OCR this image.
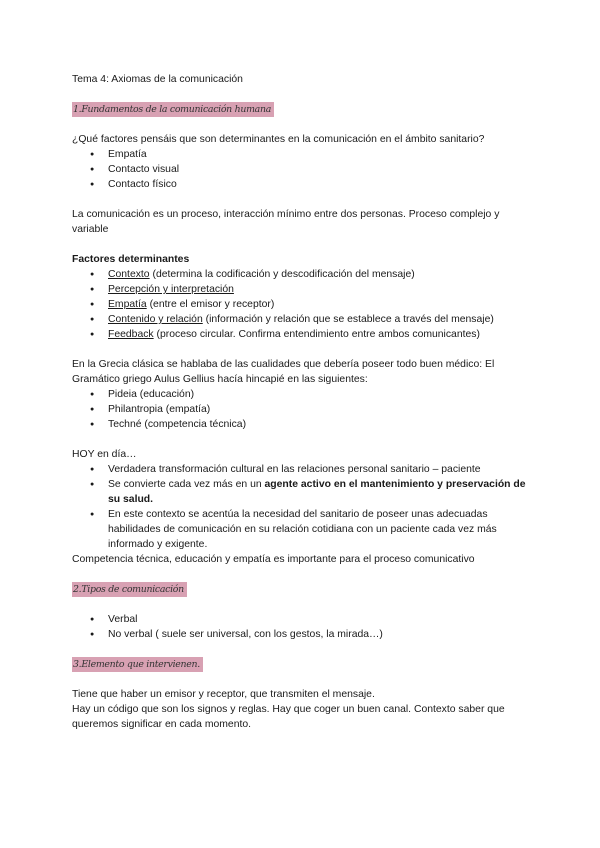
Tema 4: Axiomas de la comunicación

1.Fundamentos de la comunicación humana

¿Qué factores pensáis que son determinantes en la comunicación en el ámbito sanitario?

● Empatía
● Contacto visual
● Contacto físico

La comunicación es un proceso, interacción mínimo entre dos personas. Proceso complejo y variable

Factores determinantes

● Contexto (determina la codificación y descodificación del mensaje)
● Percepción y interpretación
● Empatía (entre el emisor y receptor)
● Contenido y relación (información y relación que se establece a través del mensaje)
● Feedback (proceso circular. Confirma entendimiento entre ambos comunicantes)

En la Grecia clásica se hablaba de las cualidades que debería poseer todo buen médico: El Gramático griego Aulus Gellius hacía hincapié en las siguientes:

● Pideia (educación)
● Philantropia (empatía)
● Techné (competencia técnica)

HOY en día…

● Verdadera transformación cultural en las relaciones personal sanitario – paciente
● Se convierte cada vez más en un agente activo en el mantenimiento y preservación de su salud.
● En este contexto se acentúa la necesidad del sanitario de poseer unas adecuadas habilidades de comunicación en su relación cotidiana con un paciente cada vez más informado y exigente.

Competencia técnica, educación y empatía es importante para el proceso comunicativo

2.Tipos de comunicación

● Verbal
● No verbal ( suele ser universal, con los gestos, la mirada…)

3.Elemento que intervienen.

Tiene que haber un emisor y receptor, que transmiten el mensaje.

Hay un código que son los signos y reglas. Hay que coger un buen canal. Contexto saber que queremos significar en cada momento.
